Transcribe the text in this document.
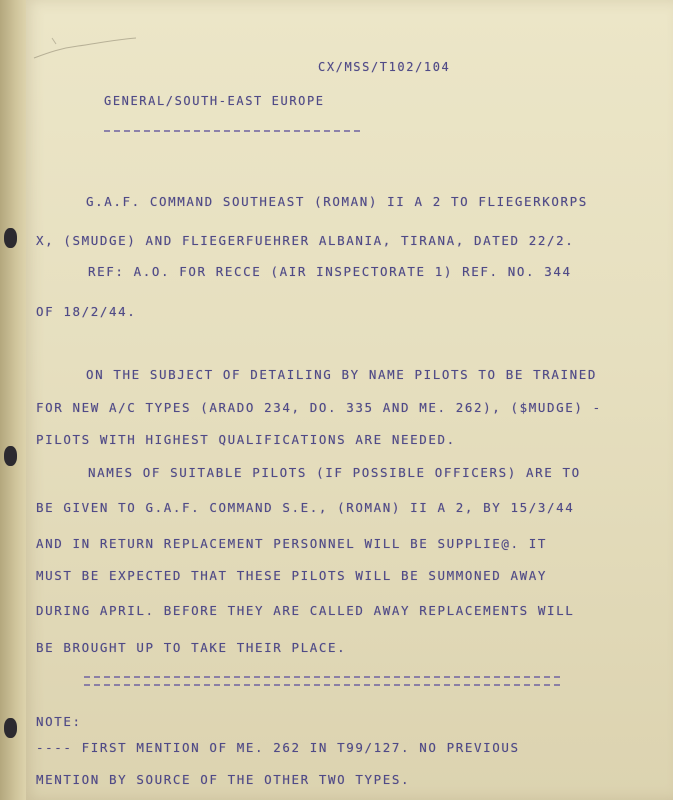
CX/MSS/T102/104
GENERAL/SOUTH-EAST EUROPE
G.A.F. COMMAND SOUTHEAST (ROMAN) II A 2 TO FLIEGERKORPS
X, (SMUDGE) AND FLIEGERFUEHRER ALBANIA, TIRANA, DATED 22/2.
REF: A.O. FOR RECCE (AIR INSPECTORATE 1) REF. NO. 344
OF 18/2/44.
ON THE SUBJECT OF DETAILING BY NAME PILOTS TO BE TRAINED
FOR NEW A/C TYPES (ARADO 234, DO. 335 AND ME. 262), ($MUDGE) -
PILOTS WITH HIGHEST QUALIFICATIONS ARE NEEDED.
NAMES OF SUITABLE PILOTS (IF POSSIBLE OFFICERS) ARE TO
BE GIVEN TO G.A.F. COMMAND S.E., (ROMAN) II A 2, BY 15/3/44
AND IN RETURN REPLACEMENT PERSONNEL WILL BE SUPPLIE@. IT
MUST BE EXPECTED THAT THESE PILOTS WILL BE SUMMONED AWAY
DURING APRIL. BEFORE THEY ARE CALLED AWAY REPLACEMENTS WILL
BE BROUGHT UP TO TAKE THEIR PLACE.
NOTE:
---- FIRST MENTION OF ME. 262 IN T99/127. NO PREVIOUS
MENTION BY SOURCE OF THE OTHER TWO TYPES.
